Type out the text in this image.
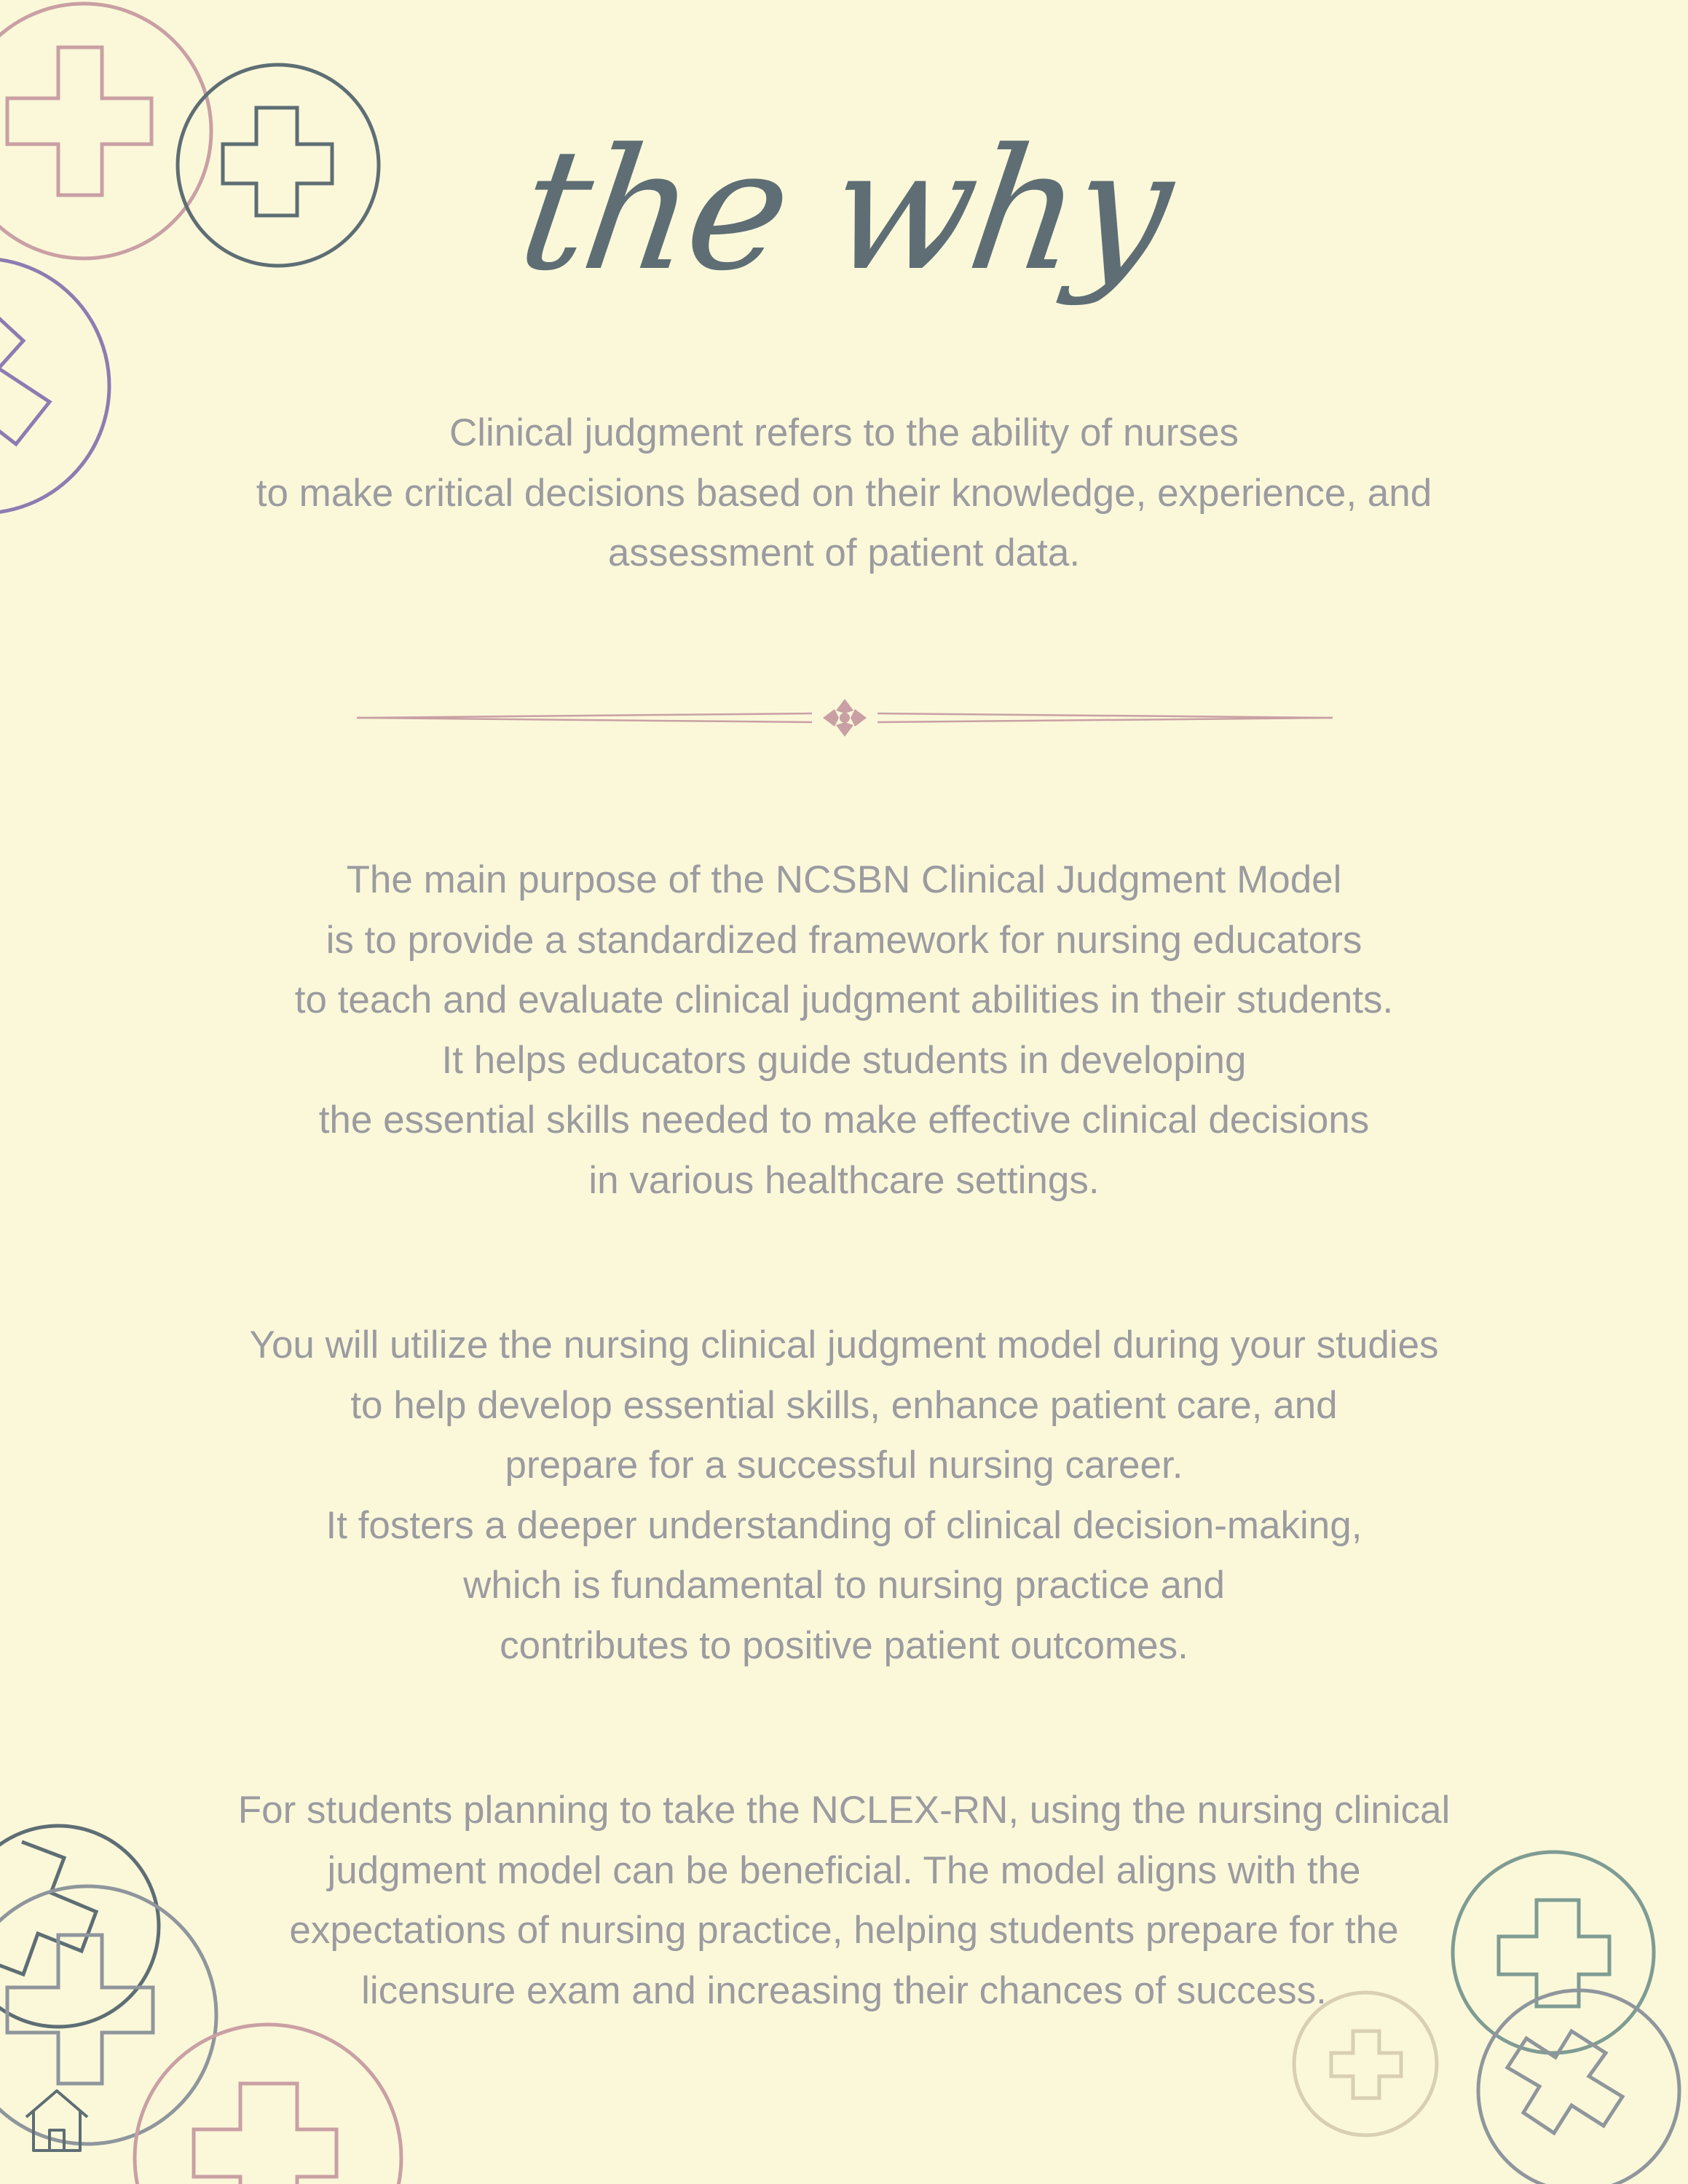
the why

Clinical judgment refers to the ability of nurses
to make critical decisions based on their knowledge, experience, and
assessment of patient data.

The main purpose of the NCSBN Clinical Judgment Model
is to provide a standardized framework for nursing educators
to teach and evaluate clinical judgment abilities in their students.
It helps educators guide students in developing
the essential skills needed to make effective clinical decisions
in various healthcare settings.

You will utilize the nursing clinical judgment model during your studies
to help develop essential skills, enhance patient care, and
prepare for a successful nursing career.
It fosters a deeper understanding of clinical decision-making,
which is fundamental to nursing practice and
contributes to positive patient outcomes.

For students planning to take the NCLEX-RN, using the nursing clinical
judgment model can be beneficial. The model aligns with the
expectations of nursing practice, helping students prepare for the
licensure exam and increasing their chances of success.
